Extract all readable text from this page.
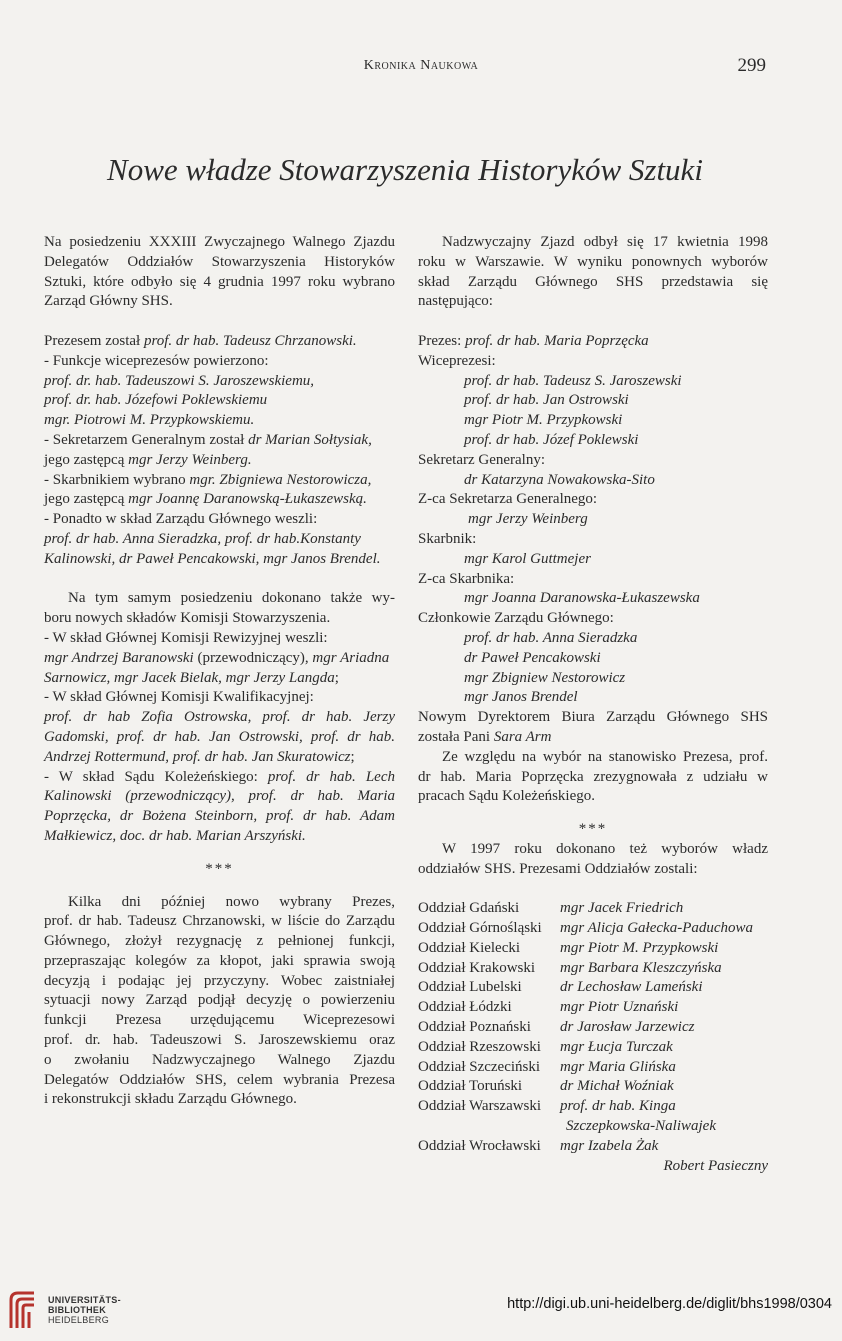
Kronika Naukowa	299
Nowe władze Stowarzyszenia Historyków Sztuki

Na posiedzeniu XXXIII Zwyczajnego Walnego Zjazdu

Delegatów Oddziałów Stowarzyszenia Historyków

Sztuki, które odbyło się 4 grudnia 1997 roku wybrano

Zarząd Główny SHS.

Prezesem został prof. dr hab. Tadeusz Chrzanowski.

- Funkcje wiceprezesów powierzono:

prof. dr. hab. Tadeuszowi S. Jaroszewskiemu,

prof. dr. hab. Józefowi Poklewskiemu

mgr. Piotrowi M. Przypkowskiemu.

- Sekretarzem Generalnym został dr Marian Sołtysiak,

jego zastępcą mgr Jerzy Weinberg.

- Skarbnikiem wybrano mgr. Zbigniewa Nestorowicza,

jego zastępcą mgr Joannę Daranowską-Łukaszewską.

- Ponadto w skład Zarządu Głównego weszli:

prof. dr hab. Anna Sieradzka, prof. dr hab.Konstanty

Kalinowski, dr Paweł Pencakowski, mgr Janos Brendel.

Na tym samym posiedzeniu dokonano także wy-

boru nowych składów Komisji Stowarzyszenia.

- W skład Głównej Komisji Rewizyjnej weszli:

mgr Andrzej Baranowski (przewodniczący), mgr Ariadna

Sarnowicz, mgr Jacek Bielak, mgr Jerzy Langda;

- W skład Głównej Komisji Kwalifikacyjnej:

prof. dr hab Zofia Ostrowska, prof. dr hab. Jerzy

Gadomski, prof. dr hab. Jan Ostrowski, prof. dr hab.

Andrzej Rottermund, prof. dr hab. Jan Skuratowicz;

- W skład Sądu Koleżeńskiego: prof. dr hab. Lech

Kalinowski (przewodniczący), prof. dr hab. Maria

Poprzęcka, dr Bożena Steinborn, prof. dr hab. Adam

Małkiewicz, doc. dr hab. Marian Arszyński.

***

Kilka dni później nowo wybrany Prezes,

prof. dr hab. Tadeusz Chrzanowski, w liście do Zarządu

Głównego, złożył rezygnację z pełnionej funkcji,

przepraszając kolegów za kłopot, jaki sprawia swoją

decyzją i podając jej przyczyny. Wobec zaistniałej

sytuacji nowy Zarząd podjął decyzję o powierzeniu

funkcji Prezesa urzędującemu Wiceprezesowi

prof. dr. hab. Tadeuszowi S. Jaroszewskiemu oraz

o zwołaniu Nadzwyczajnego Walnego Zjazdu

Delegatów Oddziałów SHS, celem wybrania Prezesa

i rekonstrukcji składu Zarządu Głównego.

Nadzwyczajny Zjazd odbył się 17 kwietnia 1998

roku w Warszawie. W wyniku ponownych wyborów

skład Zarządu Głównego SHS przedstawia się

następująco:

Prezes: prof. dr hab. Maria Poprzęcka

Wiceprezesi:

prof. dr hab. Tadeusz S. Jaroszewski

prof. dr hab. Jan Ostrowski

mgr Piotr M. Przypkowski

prof. dr hab. Józef Poklewski

Sekretarz Generalny:

dr Katarzyna Nowakowska-Sito

Z-ca Sekretarza Generalnego:

mgr Jerzy Weinberg

Skarbnik:

mgr Karol Guttmejer

Z-ca Skarbnika:

mgr Joanna Daranowska-Łukaszewska

Członkowie Zarządu Głównego:

prof. dr hab. Anna Sieradzka

dr Paweł Pencakowski

mgr Zbigniew Nestorowicz

mgr Janos Brendel

Nowym Dyrektorem Biura Zarządu Głównego SHS

została Pani Sara Arm

Ze względu na wybór na stanowisko Prezesa, prof.

dr hab. Maria Poprzęcka zrezygnowała z udziału w

pracach Sądu Koleżeńskiego.

***

W 1997 roku dokonano też wyborów władz

oddziałów SHS. Prezesami Oddziałów zostali:

Oddział Gdański	mgr Jacek Friedrich
Oddział Górnośląski	mgr Alicja Gałecka-Paduchowa
Oddział Kielecki	mgr Piotr M. Przypkowski
Oddział Krakowski	mgr Barbara Kleszczyńska
Oddział Lubelski	dr Lechosław Lameński
Oddział Łódzki	mgr Piotr Uznański
Oddział Poznański	dr Jarosław Jarzewicz
Oddział Rzeszowski	mgr Łucja Turczak
Oddział Szczeciński	mgr Maria Glińska
Oddział Toruński	dr Michał Woźniak
Oddział Warszawski	prof. dr hab. Kinga

Szczepkowska-Naliwajek

Oddział Wrocławski	mgr Izabela Żak

Robert Pasieczny

UNIVERSITÄTS-
BIBLIOTHEK
HEIDELBERG
http://digi.ub.uni-heidelberg.de/diglit/bhs1998/0304
